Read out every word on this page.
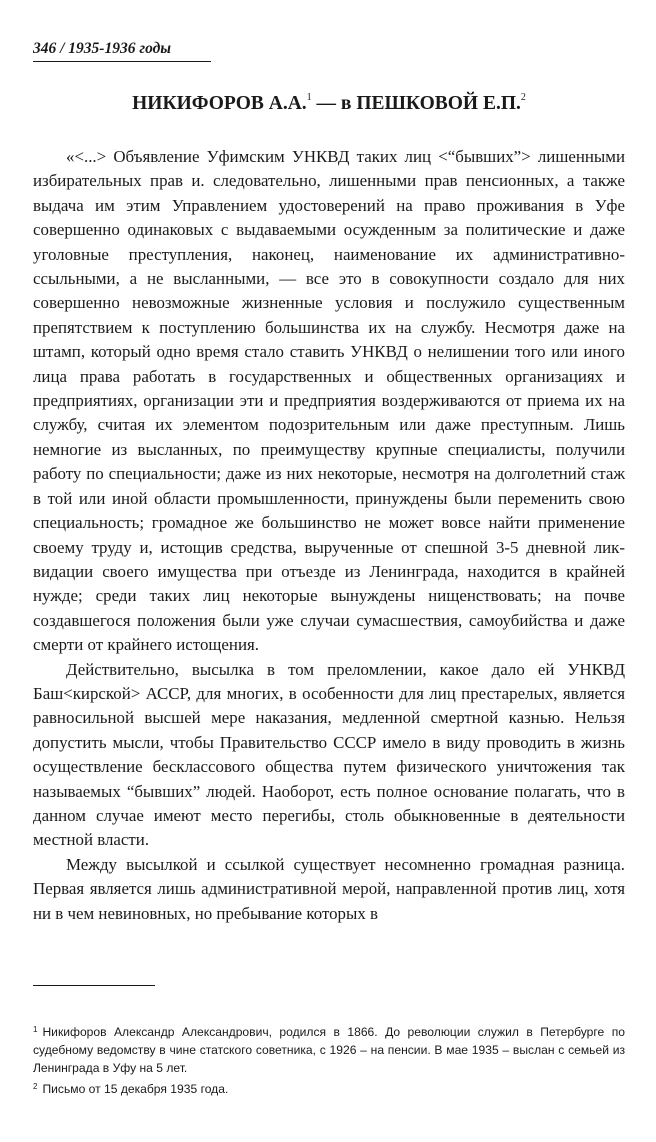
346 / 1935-1936 годы
НИКИФОРОВ А.А.$^1$ — в ПЕШКОВОЙ Е.П.$^2$

«<...> Объявление Уфимским УНКВД таких лиц <“бывших”> лишенными избирательных прав и. следовательно, лишенными прав пенсионных, а также выдача им этим Управлением удостоверений на право проживания в Уфе совершенно одинаковых с выдаваемыми осужденным за политические и даже уголовные преступления, наконец, наименование их административно-ссыльными, а не высланными, — все это в совокупности создало для них совершенно невозможные жизненные условия и послужило существенным препятствием к поступлению большинства их на службу. Несмотря даже на штамп, который одно время стало ставить УНКВД о нелишении того или иного лица права работать в государственных и общественных организациях и предприятиях, организации эти и предприятия воздерживаются от приема их на службу, считая их элементом подозрительным или даже преступным. Лишь немногие из высланных, по преимуществу крупные специалисты, получили работу по специальности; даже из них некоторые, несмотря на долголетний стаж в той или иной области промышленности, принуждены были переменить свою специальность; громадное же большинство не может вовсе найти применение своему труду и, истощив средства, вырученные от спешной 3-5 дневной ликвидации своего имущества при отъезде из Ленинграда, находится в крайней нужде; среди таких лиц некоторые вынуждены нищенствовать; на почве создавшегося положения были уже случаи сумасшествия, самоубийства и даже смерти от крайнего истощения.

Действительно, высылка в том преломлении, какое дало ей УНКВД Баш<кирской> АССР, для многих, в особенности для лиц престарелых, является равносильной высшей мере наказания, медленной смертной казнью. Нельзя допустить мысли, чтобы Правительство СССР имело в виду проводить в жизнь осуществление бесклассового общества путем физического уничтожения так называемых “бывших” людей. Наоборот, есть полное основание полагать, что в данном случае имеют место перегибы, столь обыкновенные в деятельности местной власти.

Между высылкой и ссылкой существует несомненно громадная разница. Первая является лишь административной мерой, направленной против лиц, хотя ни в чем невиновных, но пребывание которых в

$^1$ Никифоров Александр Александрович, родился в 1866. До революции служил в Петербурге по судебному ведомству в чине статского советника, с 1926 – на пенсии. В мае 1935 – выслан с семьей из Ленинграда в Уфу на 5 лет.

$^2$ Письмо от 15 декабря 1935 года.
